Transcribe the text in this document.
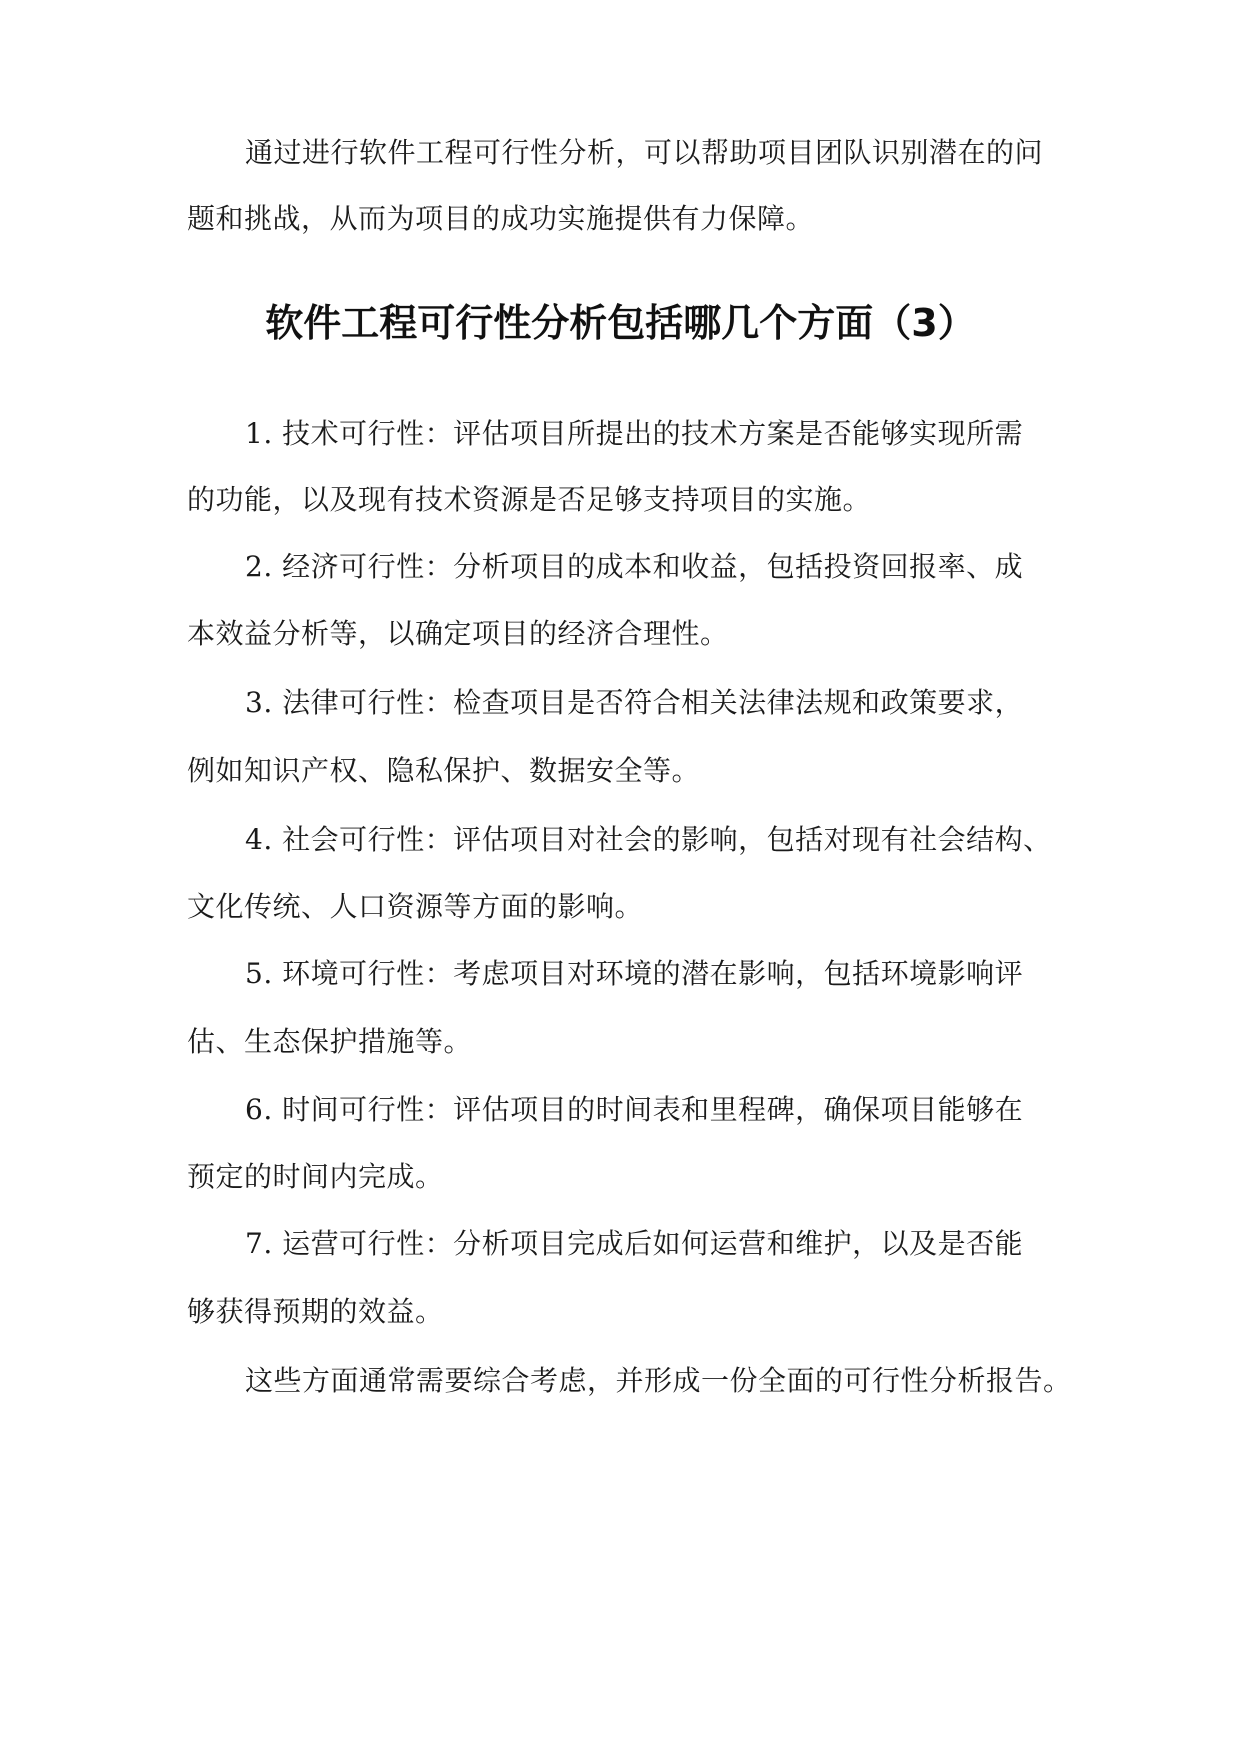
通过进行软件工程可行性分析，可以帮助项目团队识别潜在的问
题和挑战，从而为项目的成功实施提供有力保障。
软件工程可行性分析包括哪几个方面（3）
1. 技术可行性：评估项目所提出的技术方案是否能够实现所需
的功能，以及现有技术资源是否足够支持项目的实施。
2. 经济可行性：分析项目的成本和收益，包括投资回报率、成
本效益分析等，以确定项目的经济合理性。
3. 法律可行性：检查项目是否符合相关法律法规和政策要求，
例如知识产权、隐私保护、数据安全等。
4. 社会可行性：评估项目对社会的影响，包括对现有社会结构、
文化传统、人口资源等方面的影响。
5. 环境可行性：考虑项目对环境的潜在影响，包括环境影响评
估、生态保护措施等。
6. 时间可行性：评估项目的时间表和里程碑，确保项目能够在
预定的时间内完成。
7. 运营可行性：分析项目完成后如何运营和维护，以及是否能
够获得预期的效益。
这些方面通常需要综合考虑，并形成一份全面的可行性分析报告。
